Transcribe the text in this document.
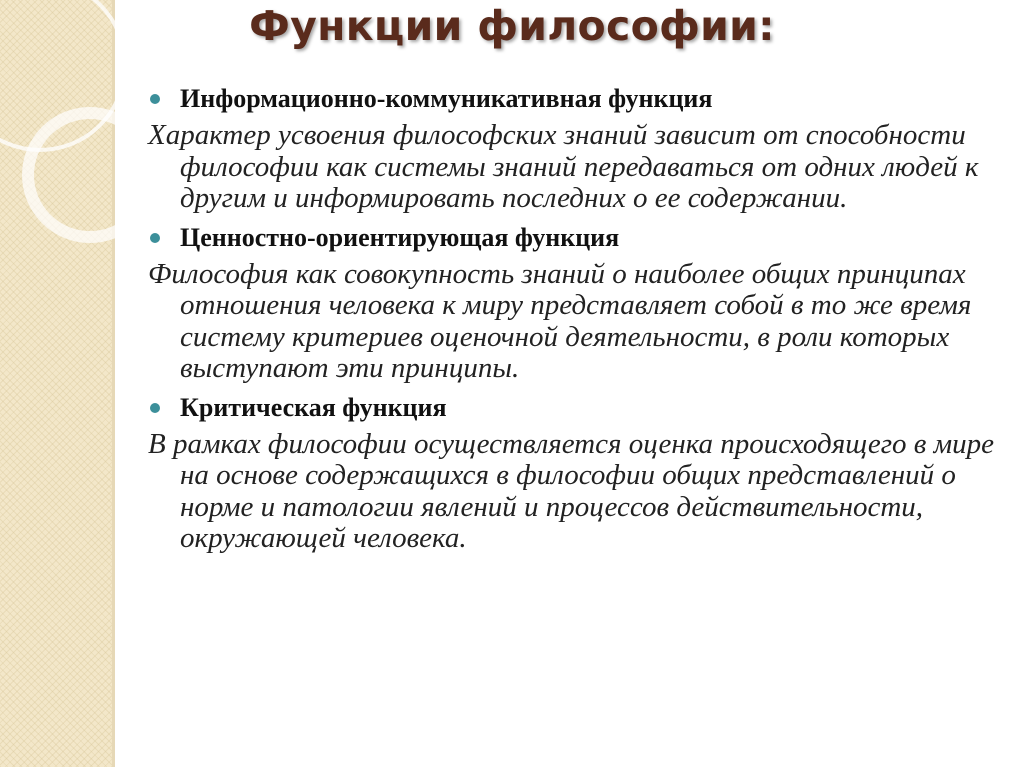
Функции философии:
Информационно-коммуникативная функция
Характер усвоения философских знаний зависит от способности философии как системы знаний передаваться от одних людей к другим и информировать последних о ее содержании.
Ценностно-ориентирующая функция
Философия как совокупность знаний о наиболее общих принципах отношения человека к миру представляет собой в то же время систему критериев оценочной деятельности, в роли которых выступают эти принципы.
Критическая функция
В рамках философии осуществляется оценка происходящего в мире на основе содержащихся в философии общих представлений о норме и патологии явлений и процессов действительности, окружающей человека.
